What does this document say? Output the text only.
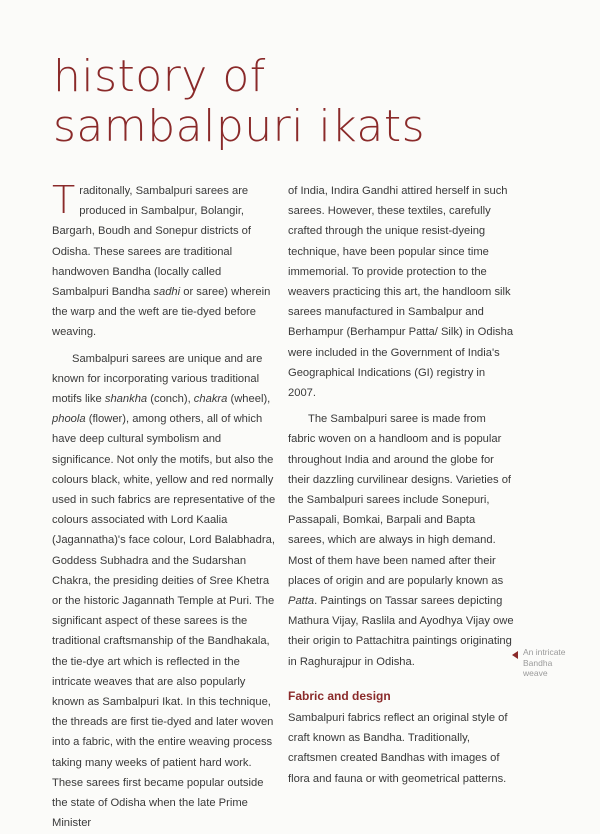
history of
sambalpuri ikats

Traditonally, Sambalpuri sarees are produced in Sambalpur, Bolangir, Bargarh, Boudh and Sonepur districts of Odisha. These sarees are traditional handwoven Bandha (locally called Sambalpuri Bandha sadhi or saree) wherein the warp and the weft are tie-dyed before weaving.

Sambalpuri sarees are unique and are known for incorporating various traditional motifs like shankha (conch), chakra (wheel), phoola (flower), among others, all of which have deep cultural symbolism and significance. Not only the motifs, but also the colours black, white, yellow and red normally used in such fabrics are representative of the colours associated with Lord Kaalia (Jagannatha)'s face colour, Lord Balabhadra, Goddess Subhadra and the Sudarshan Chakra, the presiding deities of Sree Khetra or the historic Jagannath Temple at Puri. The significant aspect of these sarees is the traditional craftsmanship of the Bandhakala, the tie-dye art which is reflected in the intricate weaves that are also popularly known as Sambalpuri Ikat. In this technique, the threads are first tie-dyed and later woven into a fabric, with the entire weaving process taking many weeks of patient hard work. These sarees first became popular outside the state of Odisha when the late Prime Minister

of India, Indira Gandhi attired herself in such sarees. However, these textiles, carefully crafted through the unique resist-dyeing technique, have been popular since time immemorial. To provide protection to the weavers practicing this art, the handloom silk sarees manufactured in Sambalpur and Berhampur (Berhampur Patta/ Silk) in Odisha were included in the Government of India's Geographical Indications (GI) registry in 2007.

The Sambalpuri saree is made from fabric woven on a handloom and is popular throughout India and around the globe for their dazzling curvilinear designs. Varieties of the Sambalpuri sarees include Sonepuri, Passapali, Bomkai, Barpali and Bapta sarees, which are always in high demand. Most of them have been named after their places of origin and are popularly known as Patta. Paintings on Tassar sarees depicting Mathura Vijay, Raslila and Ayodhya Vijay owe their origin to Pattachitra paintings originating in Raghurajpur in Odisha.

Fabric and design

Sambalpuri fabrics reflect an original style of craft known as Bandha. Traditionally, craftsmen created Bandhas with images of flora and fauna or with geometrical patterns.

An intricate
Bandha
weave
